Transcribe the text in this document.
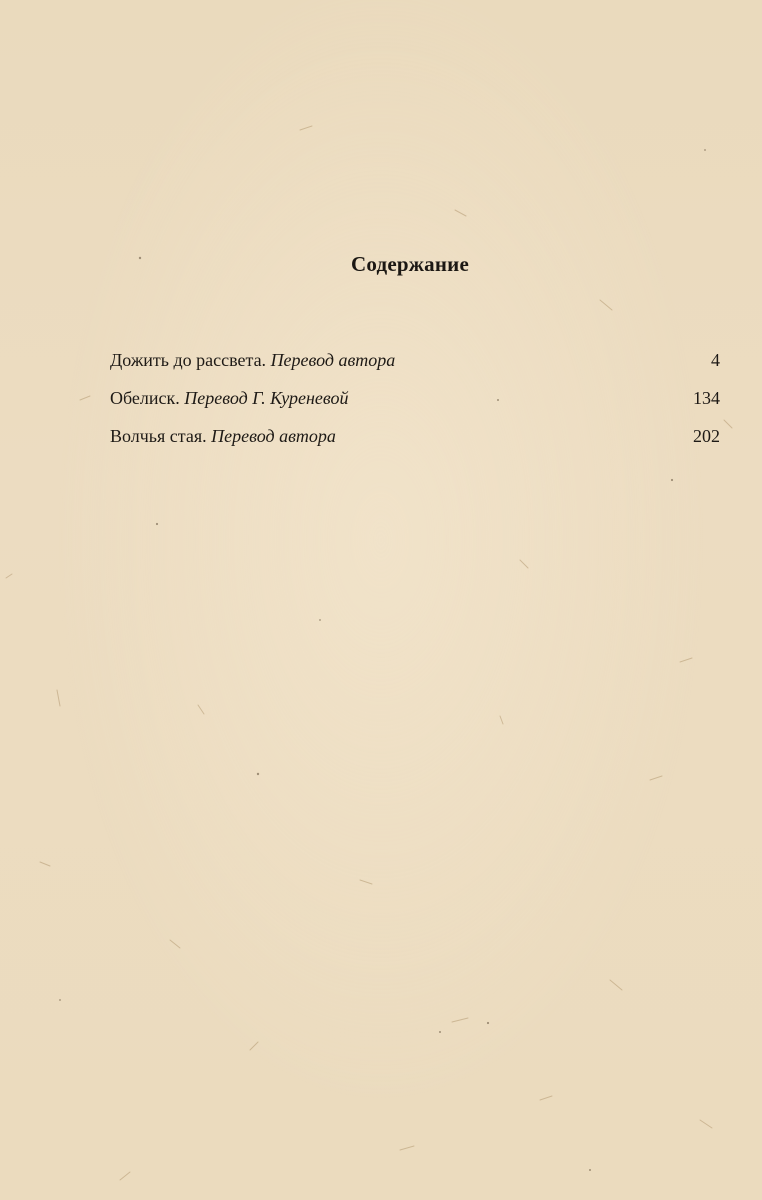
Содержание
Дожить до рассвета. Перевод автора	4
Обелиск. Перевод Г. Куреневой	134
Волчья стая. Перевод автора	202
